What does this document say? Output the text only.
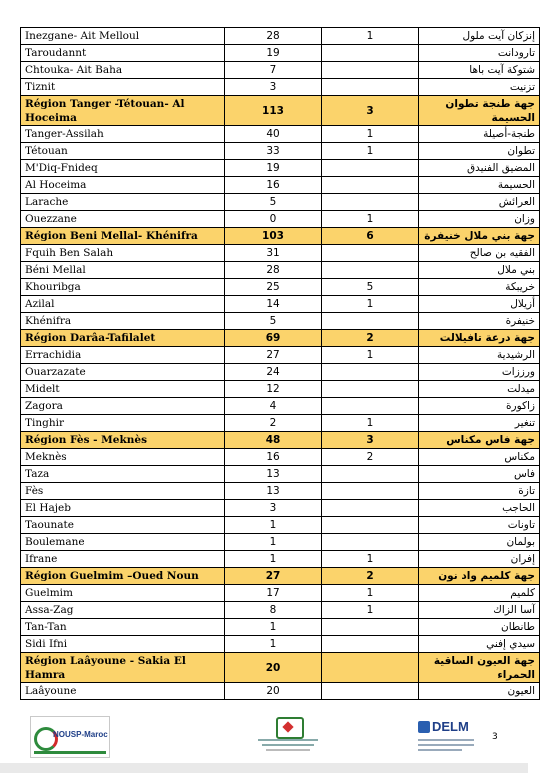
Inezgane- Ait Melloul	28	1	إنزكان آيت ملول
Taroudannt	19		تارودانت
Chtouka- Ait Baha	7		شتوكة آيت باها
Tiznit	3		تزنيت
Région Tanger -Tétouan- Al Hoceima	113	3	جهة طنجة تطوان الحسيمة
Tanger-Assilah	40	1	طنجة-أصيلة
Tétouan	33	1	تطوان
M'Diq-Fnideq	19		المضيق الفنيدق
Al Hoceima	16		الحسيمة
Larache	5		العرائش
Ouezzane	0	1	وزان
Région Beni Mellal- Khénifra	103	6	جهة بني ملال خنيفرة
Fquih Ben Salah	31		الفقيه بن صالح
Béni Mellal	28		بني ملال
Khouribga	25	5	خريبكة
Azilal	14	1	أزيلال
Khénifra	5		خنيفرة
Région Darâa-Tafilalet	69	2	جهة درعة تافيلالت
Errachidia	27	1	الرشيدية
Ouarzazate	24		ورززات
Midelt	12		ميدلت
Zagora	4		زاكورة
Tinghir	2	1	تنغير
Région Fès - Meknès	48	3	جهة فاس مكناس
Meknès	16	2	مكناس
Taza	13		فاس
Fès	13		تازة
El Hajeb	3		الحاجب
Taounate	1		تاونات
Boulemane	1		بولمان
Ifrane	1	1	إفران
Région Guelmim –Oued Noun	27	2	جهة كلميم واد نون
Guelmim	17	1	كلميم
Assa-Zag	8	1	آسا الزاك
Tan-Tan	1		طانطان
Sidi Ifni	1		سيدي إفني
Région Laâyoune - Sakia El Hamra	20		جهة العيون الساقية الحمراء
Laâyoune	20		العيون
NOUSP-Maroc
DELM
3
